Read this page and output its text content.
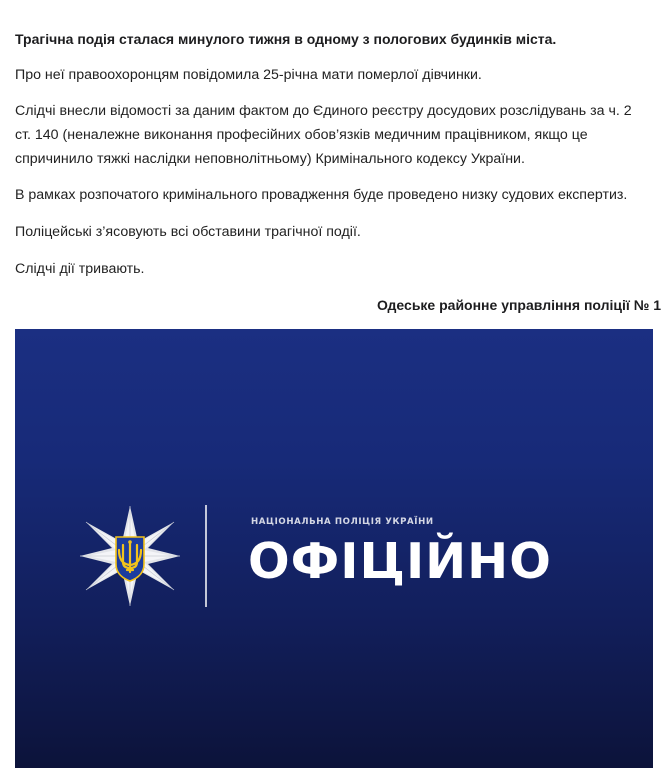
Трагічна подія сталася минулого тижня в одному з пологових будинків міста.

Про неї правоохоронцям повідомила 25-річна мати померлої дівчинки.

Слідчі внесли відомості за даним фактом до Єдиного реєстру досудових розслідувань за ч. 2 ст. 140 (неналежне виконання професійних обов’язків медичним працівником, якщо це спричинило тяжкі наслідки неповнолітньому) Кримінального кодексу України.

В рамках розпочатого кримінального провадження буде проведено низку судових експертиз.

Поліцейські з’ясовують всі обставини трагічної події.

Слідчі дії тривають.

Одеське районне управління поліції № 1

НАЦІОНАЛЬНА ПОЛІЦІЯ УКРАЇНИ
ОФІЦІЙНО
